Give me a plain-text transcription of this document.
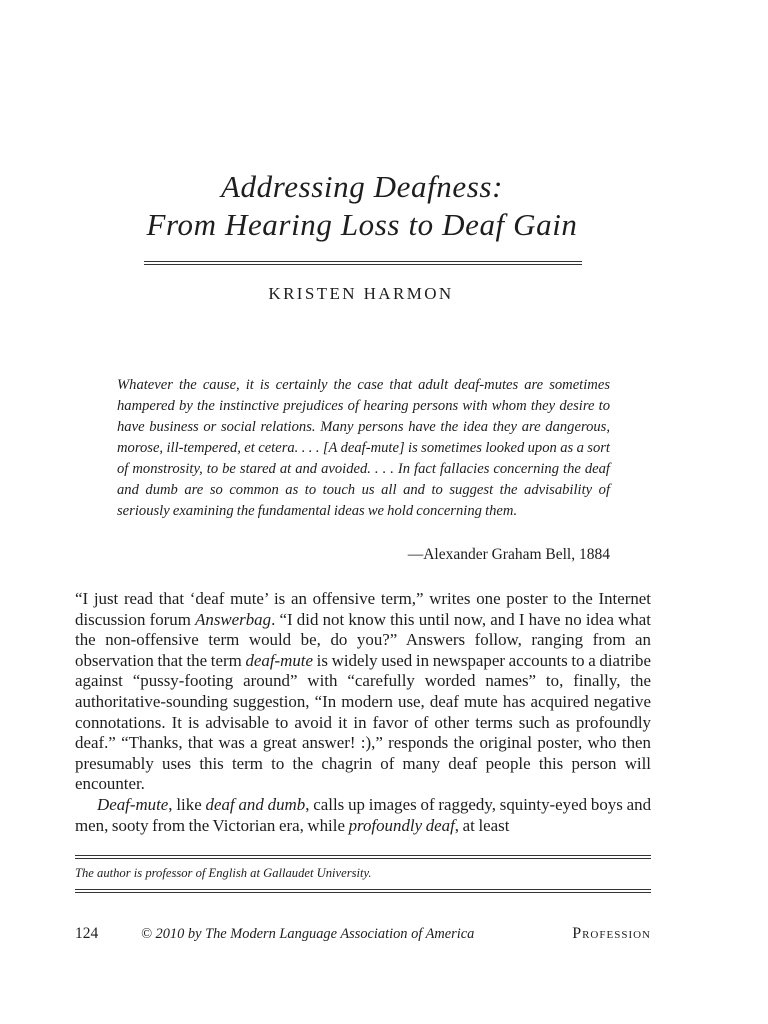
Addressing Deafness:
From Hearing Loss to Deaf Gain
KRISTEN HARMON

Whatever the cause, it is certainly the case that adult deaf-mutes are sometimes hampered by the instinctive prejudices of hearing persons with whom they desire to have business or social relations. Many persons have the idea they are dangerous, morose, ill-tempered, et cetera. . . . [A deaf-mute] is sometimes looked upon as a sort of monstrosity, to be stared at and avoided. . . . In fact fallacies concerning the deaf and dumb are so common as to touch us all and to suggest the advisability of seriously examining the fundamental ideas we hold concerning them.

—Alexander Graham Bell, 1884

“I just read that ‘deaf mute’ is an offensive term,” writes one poster to the Internet discussion forum Answerbag. “I did not know this until now, and I have no idea what the non-offensive term would be, do you?” Answers follow, ranging from an observation that the term deaf-mute is widely used in newspaper accounts to a diatribe against “pussy-footing around” with “carefully worded names” to, finally, the authoritative-sounding suggestion, “In modern use, deaf mute has acquired negative connotations. It is advisable to avoid it in favor of other terms such as profoundly deaf.” “Thanks, that was a great answer! :),” responds the original poster, who then presumably uses this term to the chagrin of many deaf people this person will encounter.

Deaf-mute, like deaf and dumb, calls up images of raggedy, squinty-eyed boys and men, sooty from the Victorian era, while profoundly deaf, at least

The author is professor of English at Gallaudet University.
124	© 2010 by The Modern Language Association of America	Profession
